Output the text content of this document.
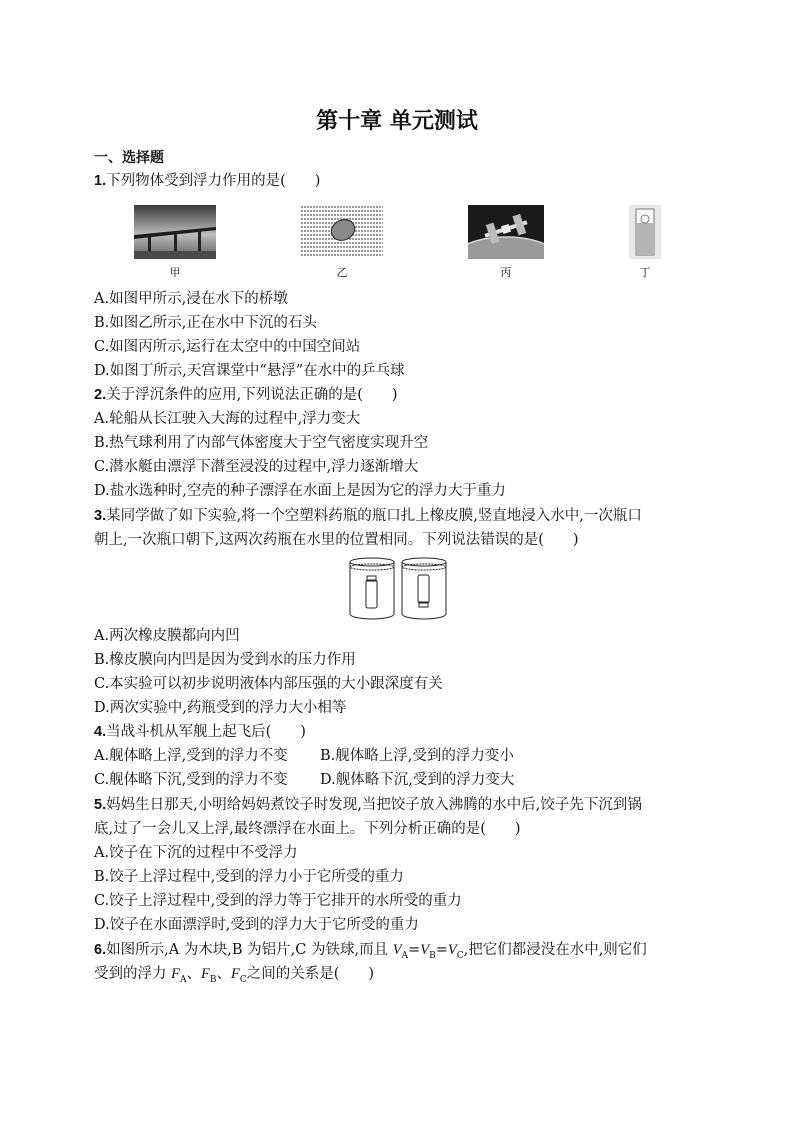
第十章 单元测试
一、选择题
1.下列物体受到浮力作用的是(　　)
甲	乙	丙	丁
A.如图甲所示,浸在水下的桥墩
B.如图乙所示,正在水中下沉的石头
C.如图丙所示,运行在太空中的中国空间站
D.如图丁所示,天宫课堂中“悬浮”在水中的乒乓球
2.关于浮沉条件的应用,下列说法正确的是(　　)
A.轮船从长江驶入大海的过程中,浮力变大
B.热气球利用了内部气体密度大于空气密度实现升空
C.潜水艇由漂浮下潜至浸没的过程中,浮力逐渐增大
D.盐水选种时,空壳的种子漂浮在水面上是因为它的浮力大于重力
3.某同学做了如下实验,将一个空塑料药瓶的瓶口扎上橡皮膜,竖直地浸入水中,一次瓶口
朝上,一次瓶口朝下,这两次药瓶在水里的位置相同。下列说法错误的是(　　)
A.两次橡皮膜都向内凹
B.橡皮膜向内凹是因为受到水的压力作用
C.本实验可以初步说明液体内部压强的大小跟深度有关
D.两次实验中,药瓶受到的浮力大小相等
4.当战斗机从军舰上起飞后(　　)
A.舰体略上浮,受到的浮力不变 B.舰体略上浮,受到的浮力变小
C.舰体略下沉,受到的浮力不变 D.舰体略下沉,受到的浮力变大
5.妈妈生日那天,小明给妈妈煮饺子时发现,当把饺子放入沸腾的水中后,饺子先下沉到锅
底,过了一会儿又上浮,最终漂浮在水面上。下列分析正确的是(　　)
A.饺子在下沉的过程中不受浮力
B.饺子上浮过程中,受到的浮力小于它所受的重力
C.饺子上浮过程中,受到的浮力等于它排开的水所受的重力
D.饺子在水面漂浮时,受到的浮力大于它所受的重力
6.如图所示,A 为木块,B 为铝片,C 为铁球,而且 $V_A=V_B=V_C$,把它们都浸没在水中,则它们
受到的浮力 $F_A$、$F_B$、$F_C$之间的关系是(　　)
